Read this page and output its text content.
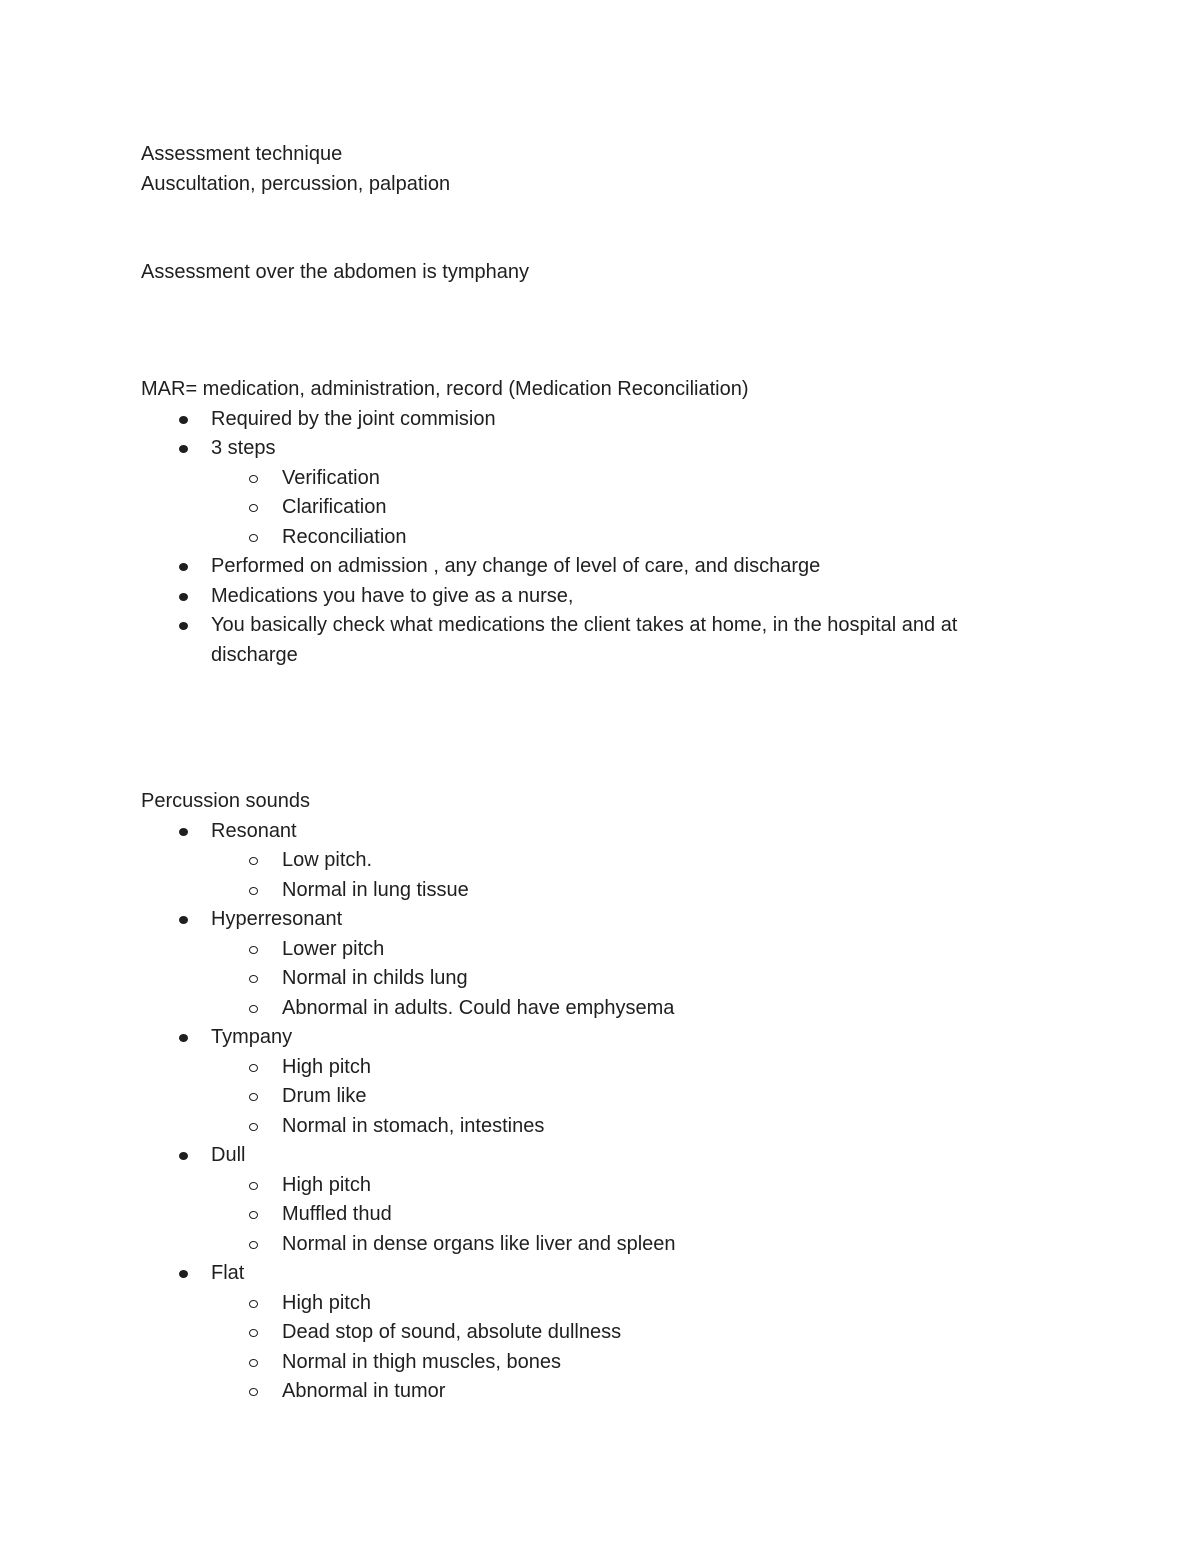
Assessment technique
Auscultation, percussion, palpation
Assessment over the abdomen is tymphany
MAR= medication, administration, record (Medication Reconciliation)
Required by the joint commision
3 steps
Verification
Clarification
Reconciliation
Performed on admission , any change of level of care, and discharge
Medications you have to give as a nurse,
You basically check what medications the client takes at home, in the hospital and at discharge
Percussion sounds
Resonant
Low pitch.
Normal in lung tissue
Hyperresonant
Lower pitch
Normal in childs lung
Abnormal in adults. Could have emphysema
Tympany
High pitch
Drum like
Normal in stomach, intestines
Dull
High pitch
Muffled thud
Normal in dense organs like liver and spleen
Flat
High pitch
Dead stop of sound, absolute dullness
Normal in thigh muscles, bones
Abnormal in tumor
